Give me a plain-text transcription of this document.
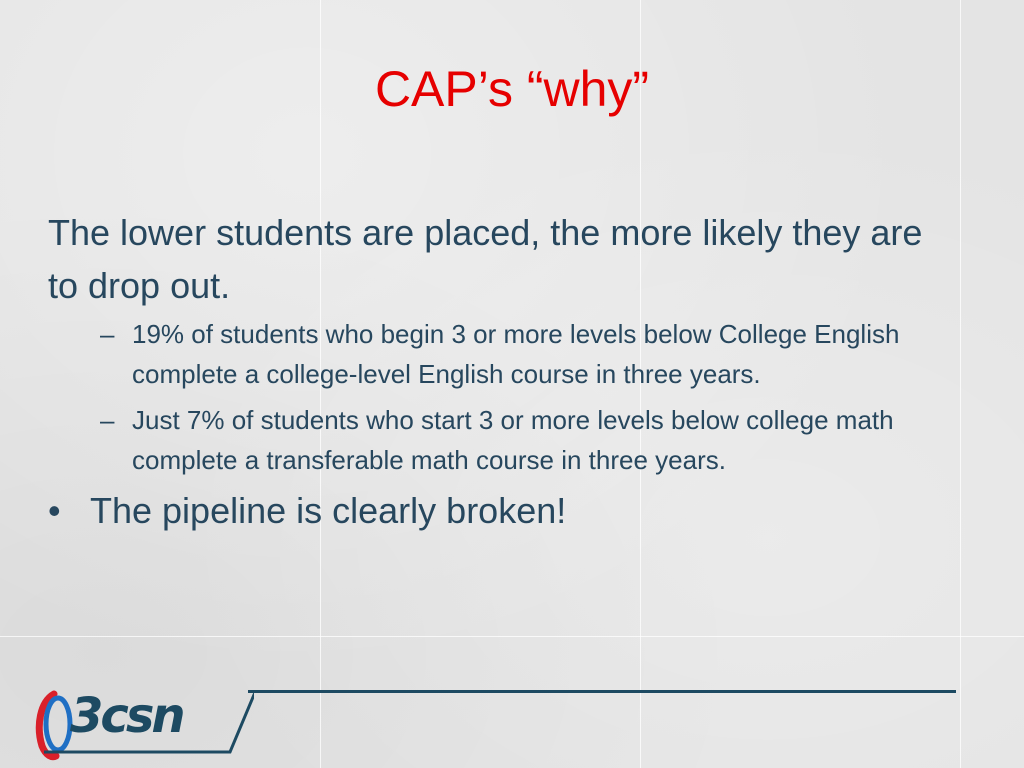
CAP’s “why”

The lower students are placed, the more likely they are to drop out.

– 19% of students who begin 3 or more levels below College English complete a college-level English course in three years.

– Just 7% of students who start 3 or more levels below college math complete a transferable math course in three years.

• The pipeline is clearly broken!
3csn
